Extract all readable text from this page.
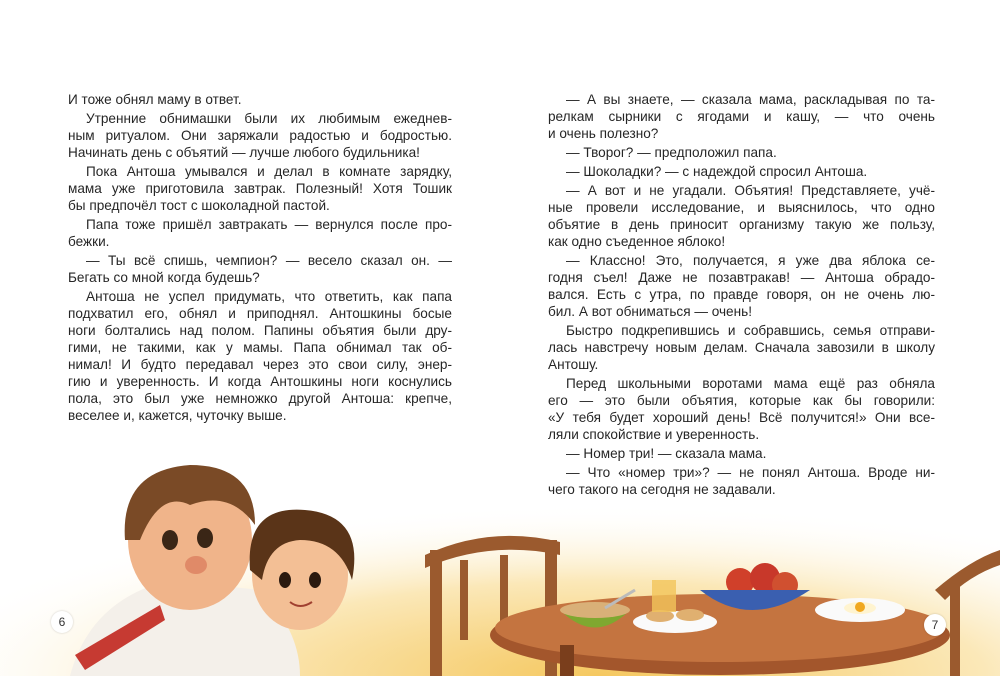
И тоже обнял маму в ответ.
Утренние обнимашки были их любимым ежеднев-
ным ритуалом. Они заряжали радостью и бодростью.
Начинать день с объятий — лучше любого будильника!
Пока Антоша умывался и делал в комнате зарядку,
мама уже приготовила завтрак. Полезный! Хотя Тошик
бы предпочёл тост с шоколадной пастой.
Папа тоже пришёл завтракать — вернулся после про-
бежки.
— Ты всё спишь, чемпион? — весело сказал он. —
Бегать со мной когда будешь?
Антоша не успел придумать, что ответить, как папа
подхватил его, обнял и приподнял. Антошкины босые
ноги болтались над полом. Папины объятия были дру-
гими, не такими, как у мамы. Папа обнимал так об-
нимал! И будто передавал через это свои силу, энер-
гию и уверенность. И когда Антошкины ноги коснулись
пола, это был уже немножко другой Антоша: крепче,
веселее и, кажется, чуточку выше.
— А вы знаете, — сказала мама, раскладывая по та-
релкам сырники с ягодами и кашу, — что очень
и очень полезно?
— Творог? — предположил папа.
— Шоколадки? — с надеждой спросил Антоша.
— А вот и не угадали. Объятия! Представляете, учё-
ные провели исследование, и выяснилось, что одно
объятие в день приносит организму такую же пользу,
как одно съеденное яблоко!
— Классно! Это, получается, я уже два яблока се-
годня съел! Даже не позавтракав! — Антоша обрадо-
вался. Есть с утра, по правде говоря, он не очень лю-
бил. А вот обниматься — очень!
Быстро подкрепившись и собравшись, семья отправи-
лась навстречу новым делам. Сначала завозили в школу
Антошу.
Перед школьными воротами мама ещё раз обняла
его — это были объятия, которые как бы говорили:
«У тебя будет хороший день! Всё получится!» Они все-
ляли спокойствие и уверенность.
— Номер три! — сказала мама.
— Что «номер три»? — не понял Антоша. Вроде ни-
чего такого на сегодня не задавали.
6	7
